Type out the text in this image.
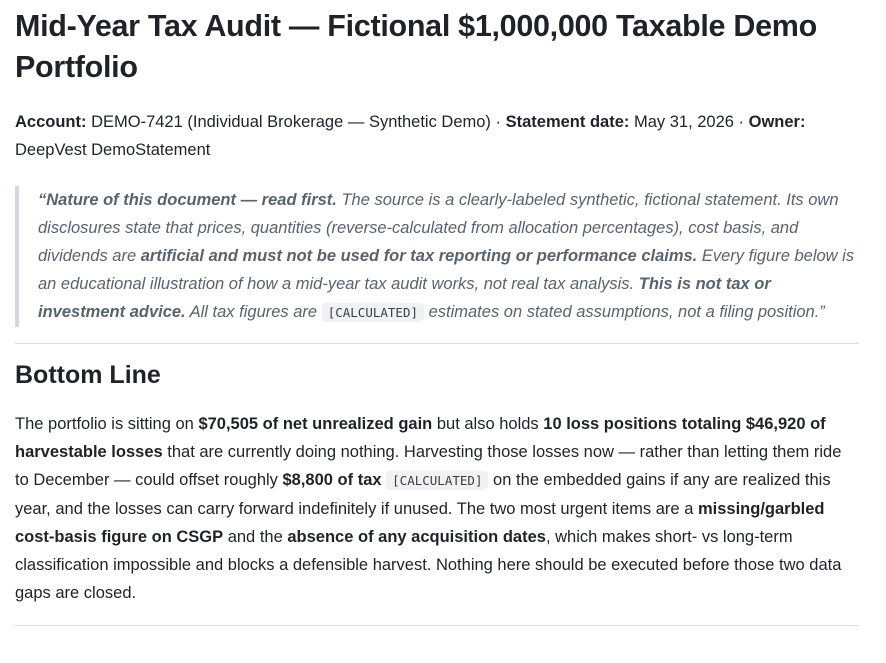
Mid-Year Tax Audit — Fictional $1,000,000 Taxable Demo Portfolio
Account: DEMO-7421 (Individual Brokerage — Synthetic Demo) · Statement date: May 31, 2026 · Owner: DeepVest DemoStatement
“Nature of this document — read first. The source is a clearly-labeled synthetic, fictional statement. Its own disclosures state that prices, quantities (reverse-calculated from allocation percentages), cost basis, and dividends are artificial and must not be used for tax reporting or performance claims. Every figure below is an educational illustration of how a mid-year tax audit works, not real tax analysis. This is not tax or investment advice. All tax figures are [CALCULATED] estimates on stated assumptions, not a filing position.”
Bottom Line
The portfolio is sitting on $70,505 of net unrealized gain but also holds 10 loss positions totaling $46,920 of harvestable losses that are currently doing nothing. Harvesting those losses now — rather than letting them ride to December — could offset roughly $8,800 of tax [CALCULATED] on the embedded gains if any are realized this year, and the losses can carry forward indefinitely if unused. The two most urgent items are a missing/garbled cost-basis figure on CSGP and the absence of any acquisition dates, which makes short- vs long-term classification impossible and blocks a defensible harvest. Nothing here should be executed before those two data gaps are closed.
